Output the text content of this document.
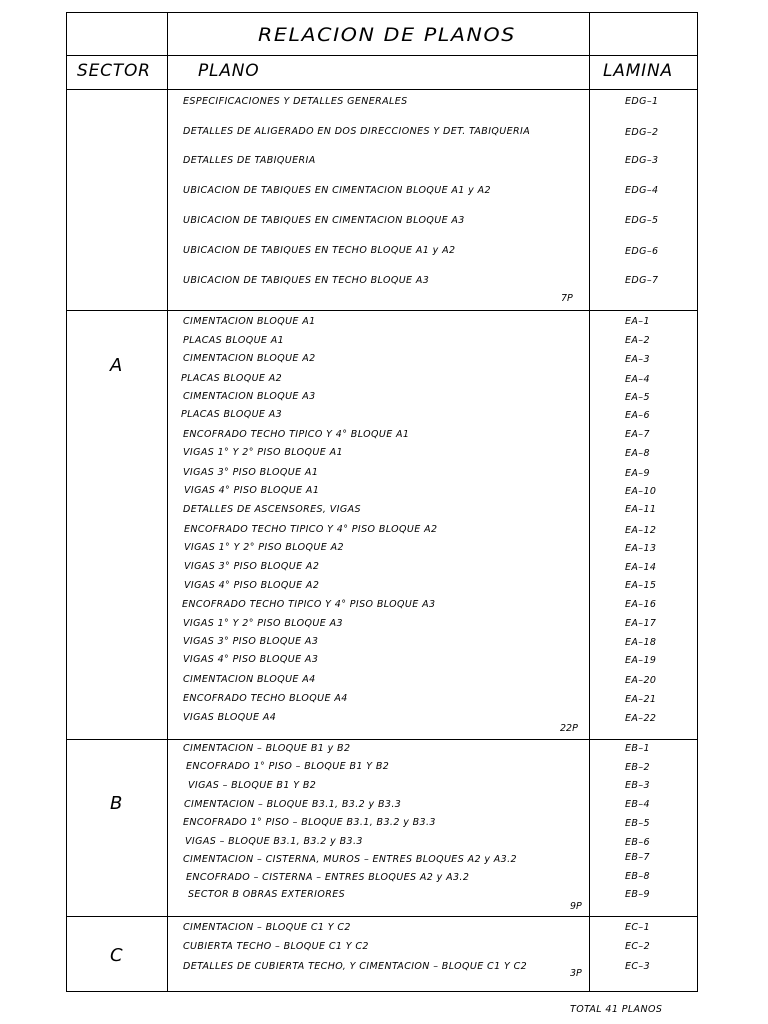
RELACION DE PLANOS
SECTOR	PLANO	LAMINA
ESPECIFICACIONES Y DETALLES GENERALES	EDG–1
DETALLES DE ALIGERADO EN DOS DIRECCIONES Y DET. TABIQUERIA	EDG–2
DETALLES DE TABIQUERIA	EDG–3
UBICACION DE TABIQUES EN CIMENTACION BLOQUE A1 y A2	EDG–4
UBICACION DE TABIQUES EN CIMENTACION BLOQUE A3	EDG–5
UBICACION DE TABIQUES EN TECHO BLOQUE A1 y A2	EDG–6
UBICACION DE TABIQUES EN TECHO BLOQUE A3	EDG–7
7P
A
CIMENTACION BLOQUE A1	EA–1
PLACAS BLOQUE A1	EA–2
CIMENTACION BLOQUE A2	EA–3
PLACAS BLOQUE A2	EA–4
CIMENTACION BLOQUE A3	EA–5
PLACAS BLOQUE A3	EA–6
ENCOFRADO TECHO TIPICO Y 4° BLOQUE A1	EA–7
VIGAS 1° Y 2° PISO BLOQUE A1	EA–8
VIGAS 3° PISO BLOQUE A1	EA–9
VIGAS 4° PISO BLOQUE A1	EA–10
DETALLES DE ASCENSORES, VIGAS	EA–11
ENCOFRADO TECHO TIPICO Y 4° PISO BLOQUE A2	EA–12
VIGAS 1° Y 2° PISO BLOQUE A2	EA–13
VIGAS 3° PISO BLOQUE A2	EA–14
VIGAS 4° PISO BLOQUE A2	EA–15
ENCOFRADO TECHO TIPICO Y 4° PISO BLOQUE A3	EA–16
VIGAS 1° Y 2° PISO BLOQUE A3	EA–17
VIGAS 3° PISO BLOQUE A3	EA–18
VIGAS 4° PISO BLOQUE A3	EA–19
CIMENTACION BLOQUE A4	EA–20
ENCOFRADO TECHO BLOQUE A4	EA–21
VIGAS BLOQUE A4	EA–22
22P
B
CIMENTACION – BLOQUE B1 y B2	EB–1
ENCOFRADO 1° PISO – BLOQUE B1 Y B2	EB–2
VIGAS – BLOQUE B1 Y B2	EB–3
CIMENTACION – BLOQUE B3.1, B3.2 y B3.3	EB–4
ENCOFRADO 1° PISO – BLOQUE B3.1, B3.2 y B3.3	EB–5
VIGAS – BLOQUE B3.1, B3.2 y B3.3	EB–6
CIMENTACION – CISTERNA, MUROS – ENTRES BLOQUES A2 y A3.2	EB–7
ENCOFRADO – CISTERNA – ENTRES BLOQUES A2 y A3.2	EB–8
SECTOR B OBRAS EXTERIORES	EB–9
9P
C
CIMENTACION – BLOQUE C1 Y C2	EC–1
CUBIERTA TECHO – BLOQUE C1 Y C2	EC–2
DETALLES DE CUBIERTA TECHO, Y CIMENTACION – BLOQUE C1 Y C2	EC–3
3P
TOTAL 41 PLANOS
